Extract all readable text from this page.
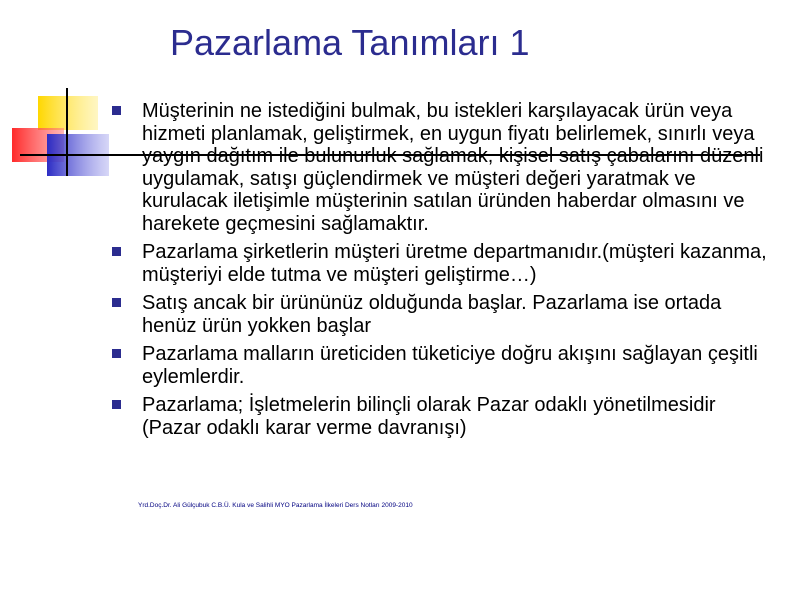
Pazarlama Tanımları 1
Müşterinin ne istediğini bulmak, bu istekleri karşılayacak ürün veya hizmeti planlamak, geliştirmek, en uygun fiyatı belirlemek, sınırlı veya yaygın dağıtım ile bulunurluk sağlamak, kişisel satış çabalarını düzenli uygulamak, satışı güçlendirmek ve müşteri değeri yaratmak ve kurulacak iletişimle müşterinin satılan üründen haberdar olmasını ve harekete geçmesini sağlamaktır.
Pazarlama şirketlerin müşteri üretme departmanıdır.(müşteri kazanma, müşteriyi elde tutma ve müşteri geliştirme…)
Satış ancak bir ürününüz olduğunda başlar. Pazarlama ise ortada henüz ürün yokken başlar
Pazarlama malların üreticiden tüketiciye doğru akışını sağlayan çeşitli eylemlerdir.
Pazarlama; İşletmelerin bilinçli olarak Pazar odaklı yönetilmesidir (Pazar odaklı karar verme davranışı)
Yrd.Doç.Dr. Ali Gülçubuk C.B.Ü. Kula ve Salihli MYO Pazarlama İlkeleri Ders Notları 2009-2010
